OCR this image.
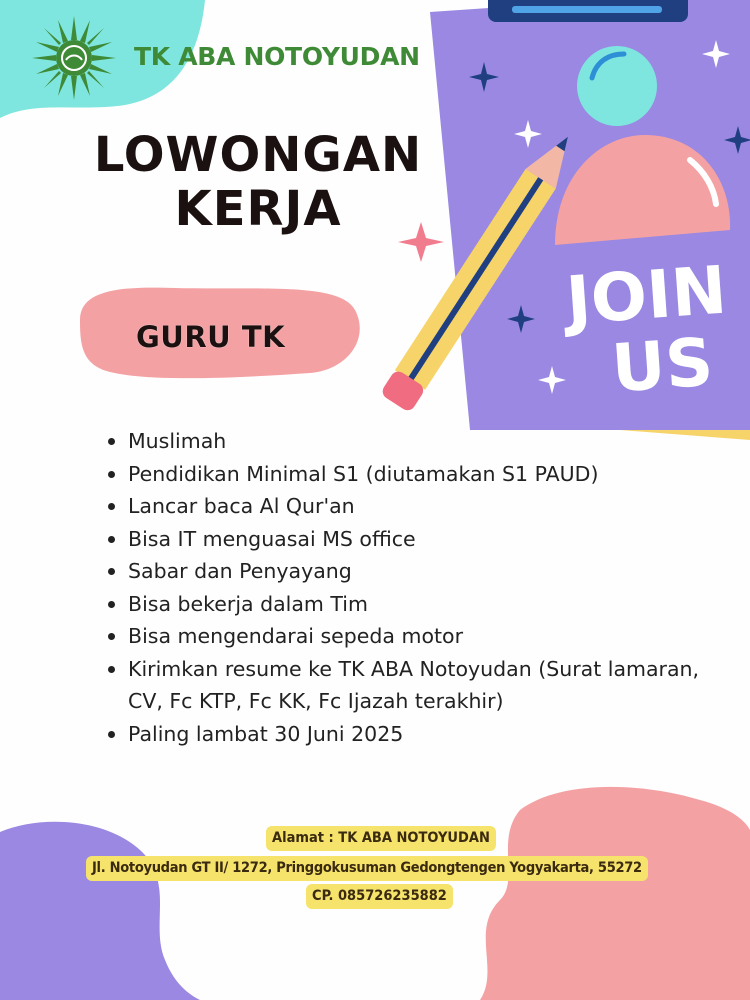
JOIN
US
TK ABA NOTOYUDAN
LOWONGAN
KERJA
GURU TK
Muslimah
Pendidikan Minimal S1 (diutamakan S1 PAUD)
Lancar baca Al Qur'an
Bisa IT menguasai MS office
Sabar dan Penyayang
Bisa bekerja dalam Tim
Bisa mengendarai sepeda motor
Kirimkan resume ke TK ABA Notoyudan (Surat lamaran, CV, Fc KTP, Fc KK, Fc Ijazah terakhir)
Paling lambat 30 Juni 2025
Alamat : TK ABA NOTOYUDAN
Jl. Notoyudan GT II/ 1272, Pringgokusuman Gedongtengen Yogyakarta, 55272
CP. 085726235882
